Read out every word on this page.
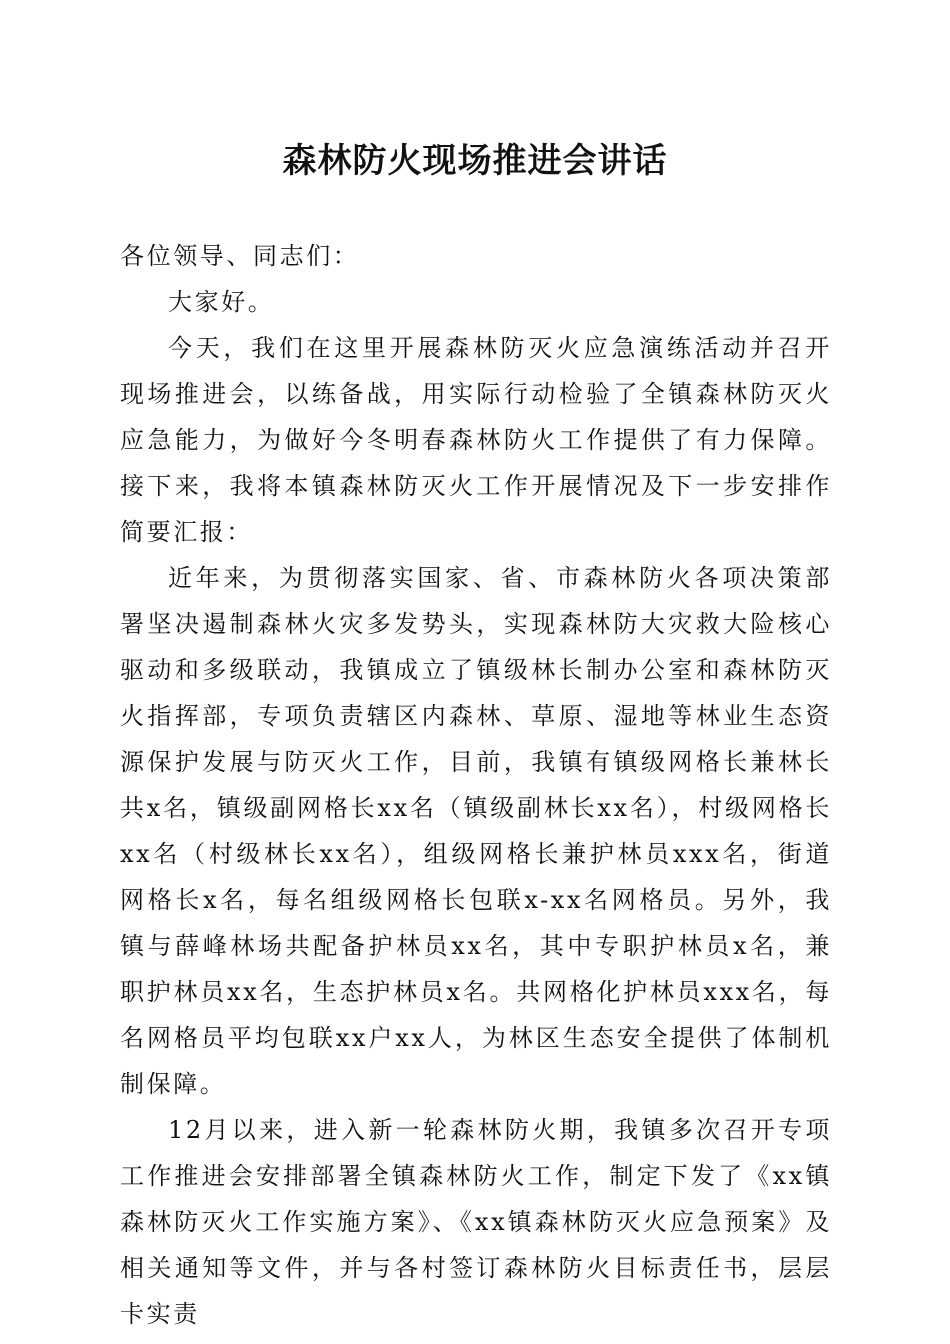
森林防火现场推进会讲话

各位领导、同志们：

大家好。

今天，我们在这里开展森林防灭火应急演练活动并召开现场推进会，以练备战，用实际行动检验了全镇森林防灭火应急能力，为做好今冬明春森林防火工作提供了有力保障。接下来，我将本镇森林防灭火工作开展情况及下一步安排作简要汇报：

近年来，为贯彻落实国家、省、市森林防火各项决策部署坚决遏制森林火灾多发势头，实现森林防大灾救大险核心驱动和多级联动，我镇成立了镇级林长制办公室和森林防灭火指挥部，专项负责辖区内森林、草原、湿地等林业生态资源保护发展与防灭火工作，目前，我镇有镇级网格长兼林长共x名，镇级副网格长xx名（镇级副林长xx名），村级网格长xx名（村级林长xx名），组级网格长兼护林员xxx名，街道网格长x名，每名组级网格长包联x-xx名网格员。另外，我镇与薛峰林场共配备护林员xx名，其中专职护林员x名，兼职护林员xx名，生态护林员x名。共网格化护林员xxx名，每名网格员平均包联xx户xx人，为林区生态安全提供了体制机制保障。

12月以来，进入新一轮森林防火期，我镇多次召开专项工作推进会安排部署全镇森林防火工作，制定下发了《xx镇森林防灭火工作实施方案》、《xx镇森林防灭火应急预案》及相关通知等文件，并与各村签订森林防火目标责任书，层层卡实责
